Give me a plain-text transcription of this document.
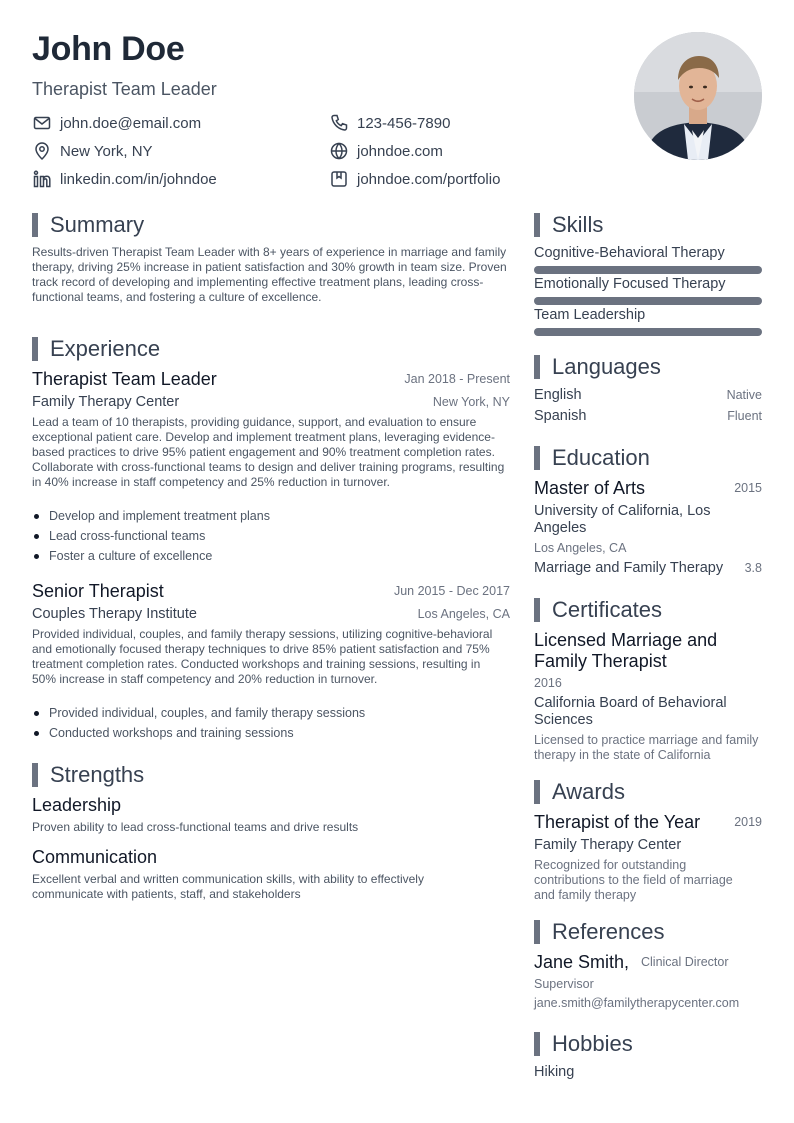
John Doe
Therapist Team Leader
john.doe@email.com
New York, NY
linkedin.com/in/johndoe
123-456-7890
johndoe.com
johndoe.com/portfolio
Summary
Results-driven Therapist Team Leader with 8+ years of experience in marriage and family therapy, driving 25% increase in patient satisfaction and 30% growth in team size. Proven track record of developing and implementing effective treatment plans, leading cross-functional teams, and fostering a culture of excellence.
Experience
Therapist Team Leader	Jan 2018 - Present
Family Therapy Center	New York, NY
Lead a team of 10 therapists, providing guidance, support, and evaluation to ensure exceptional patient care. Develop and implement treatment plans, leveraging evidence-based practices to drive 95% patient engagement and 90% treatment completion rates. Collaborate with cross-functional teams to design and deliver training programs, resulting in 40% increase in staff competency and 25% reduction in turnover.
Develop and implement treatment plans
Lead cross-functional teams
Foster a culture of excellence
Senior Therapist	Jun 2015 - Dec 2017
Couples Therapy Institute	Los Angeles, CA
Provided individual, couples, and family therapy sessions, utilizing cognitive-behavioral and emotionally focused therapy techniques to drive 85% patient satisfaction and 75% treatment completion rates. Conducted workshops and training sessions, resulting in 50% increase in staff competency and 20% reduction in turnover.
Provided individual, couples, and family therapy sessions
Conducted workshops and training sessions
Strengths
Leadership
Proven ability to lead cross-functional teams and drive results
Communication
Excellent verbal and written communication skills, with ability to effectively communicate with patients, staff, and stakeholders
Skills
Cognitive-Behavioral Therapy
Emotionally Focused Therapy
Team Leadership
Languages
English	Native
Spanish	Fluent
Education
Master of Arts	2015
University of California, Los Angeles
Los Angeles, CA
Marriage and Family Therapy	3.8
Certificates
Licensed Marriage and Family Therapist
2016
California Board of Behavioral Sciences
Licensed to practice marriage and family therapy in the state of California
Awards
Therapist of the Year	2019
Family Therapy Center
Recognized for outstanding contributions to the field of marriage and family therapy
References
Jane Smith, Clinical Director
Supervisor
jane.smith@familytherapycenter.com
Hobbies
Hiking
